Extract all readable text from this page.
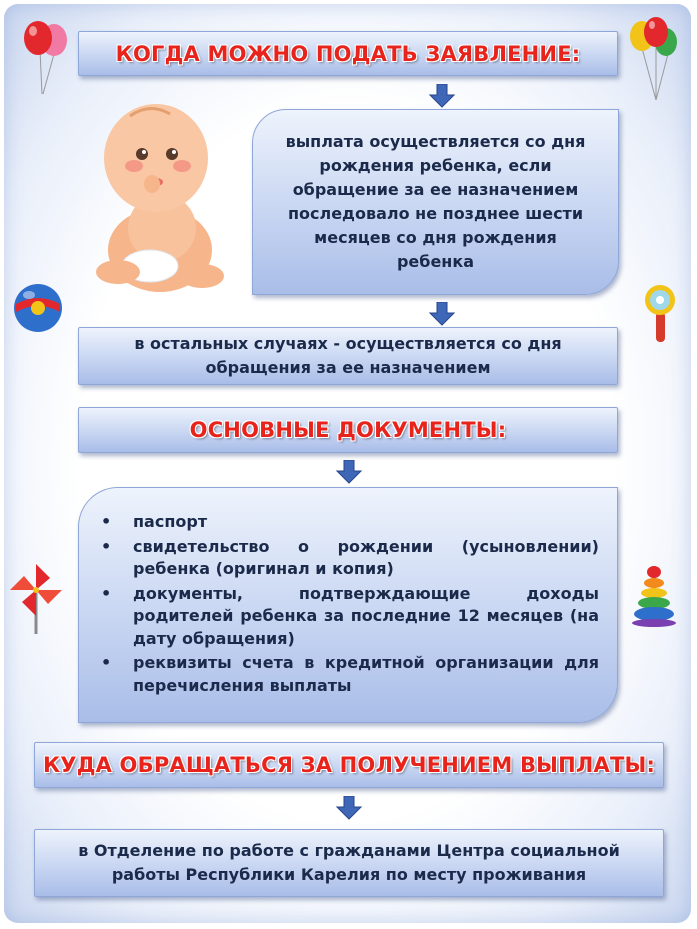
КОГДА МОЖНО ПОДАТЬ ЗАЯВЛЕНИЕ:
выплата осуществляется со дня рождения ребенка, если обращение за ее назначением последовало не позднее шести месяцев со дня рождения ребенка
в остальных случаях - осуществляется со дня обращения за ее назначением
ОСНОВНЫЕ ДОКУМЕНТЫ:
• паспорт
• свидетельство о рождении (усыновлении) ребенка (оригинал и копия)
• документы, подтверждающие доходы родителей ребенка за последние 12 месяцев (на дату обращения)
• реквизиты счета в кредитной организации для перечисления выплаты
КУДА ОБРАЩАТЬСЯ ЗА ПОЛУЧЕНИЕМ ВЫПЛАТЫ:
в Отделение по работе с гражданами Центра социальной работы Республики Карелия по месту проживания
